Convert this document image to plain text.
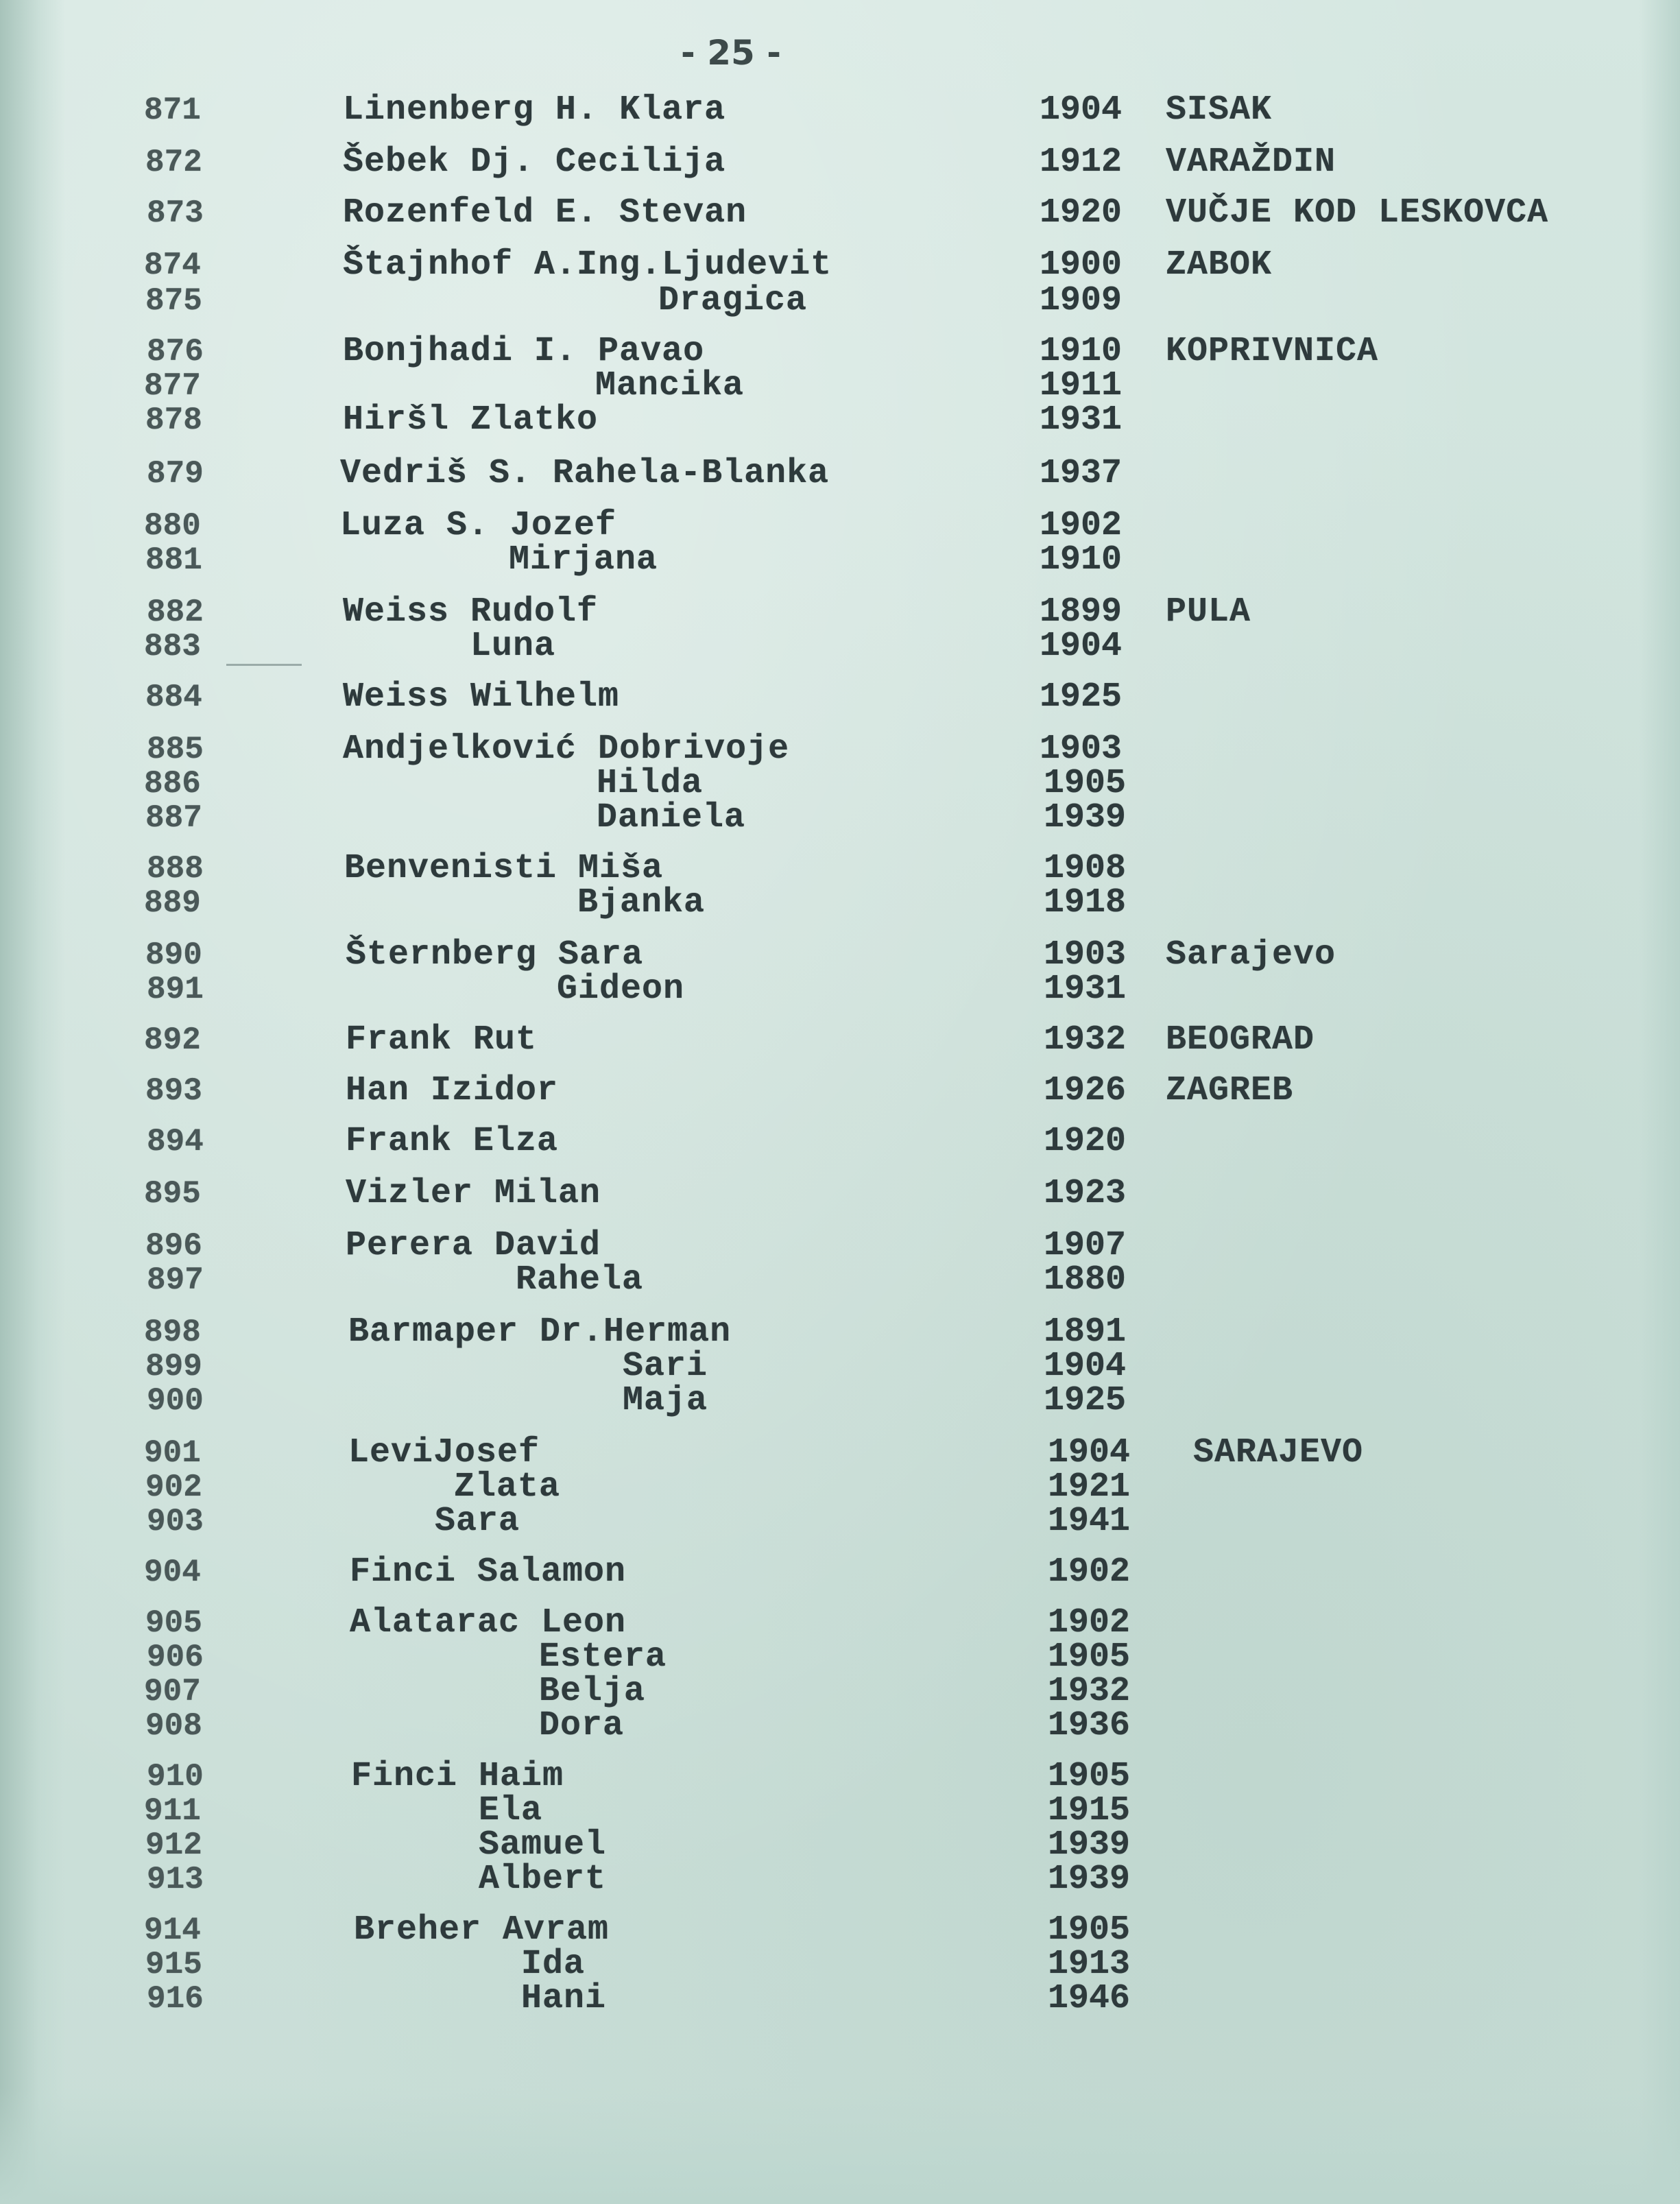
- 25 -
871	Linenberg H. Klara	1904 SISAK
872	Šebek Dj. Cecilija	1912 VARAŽDIN
873	Rozenfeld E. Stevan	1920 VUČJE KOD LESKOVCA
874	Štajnhof A.Ing.Ljudevit	1900 ZABOK
875	Dragica	1909
876	Bonjhadi I. Pavao	1910 KOPRIVNICA
877	Mancika	1911
878	Hiršl Zlatko	1931
879	Vedriš S. Rahela-Blanka	1937
880	Luza S. Jozef	1902
881	Mirjana	1910
882	Weiss Rudolf	1899 PULA
883	Luna	1904
884	Weiss Wilhelm	1925
885	Andjelković Dobrivoje	1903
886	Hilda	1905
887	Daniela	1939
888	Benvenisti Miša	1908
889	Bjanka	1918
890	Šternberg Sara	1903 Sarajevo
891	Gideon	1931
892	Frank Rut	1932 BEOGRAD
893	Han Izidor	1926 ZAGREB
894	Frank Elza	1920
895	Vizler Milan	1923
896	Perera David	1907
897	Rahela	1880
898	Barmaper Dr.Herman	1891
899	Sari	1904
900	Maja	1925
901	LeviJosef	1904 SARAJEVO
902	Zlata	1921
903	Sara	1941
904	Finci Salamon	1902
905	Alatarac Leon	1902
906	Estera	1905
907	Belja	1932
908	Dora	1936
910	Finci Haim	1905
911	Ela	1915
912	Samuel	1939
913	Albert	1939
914	Breher Avram	1905
915	Ida	1913
916	Hani	1946
